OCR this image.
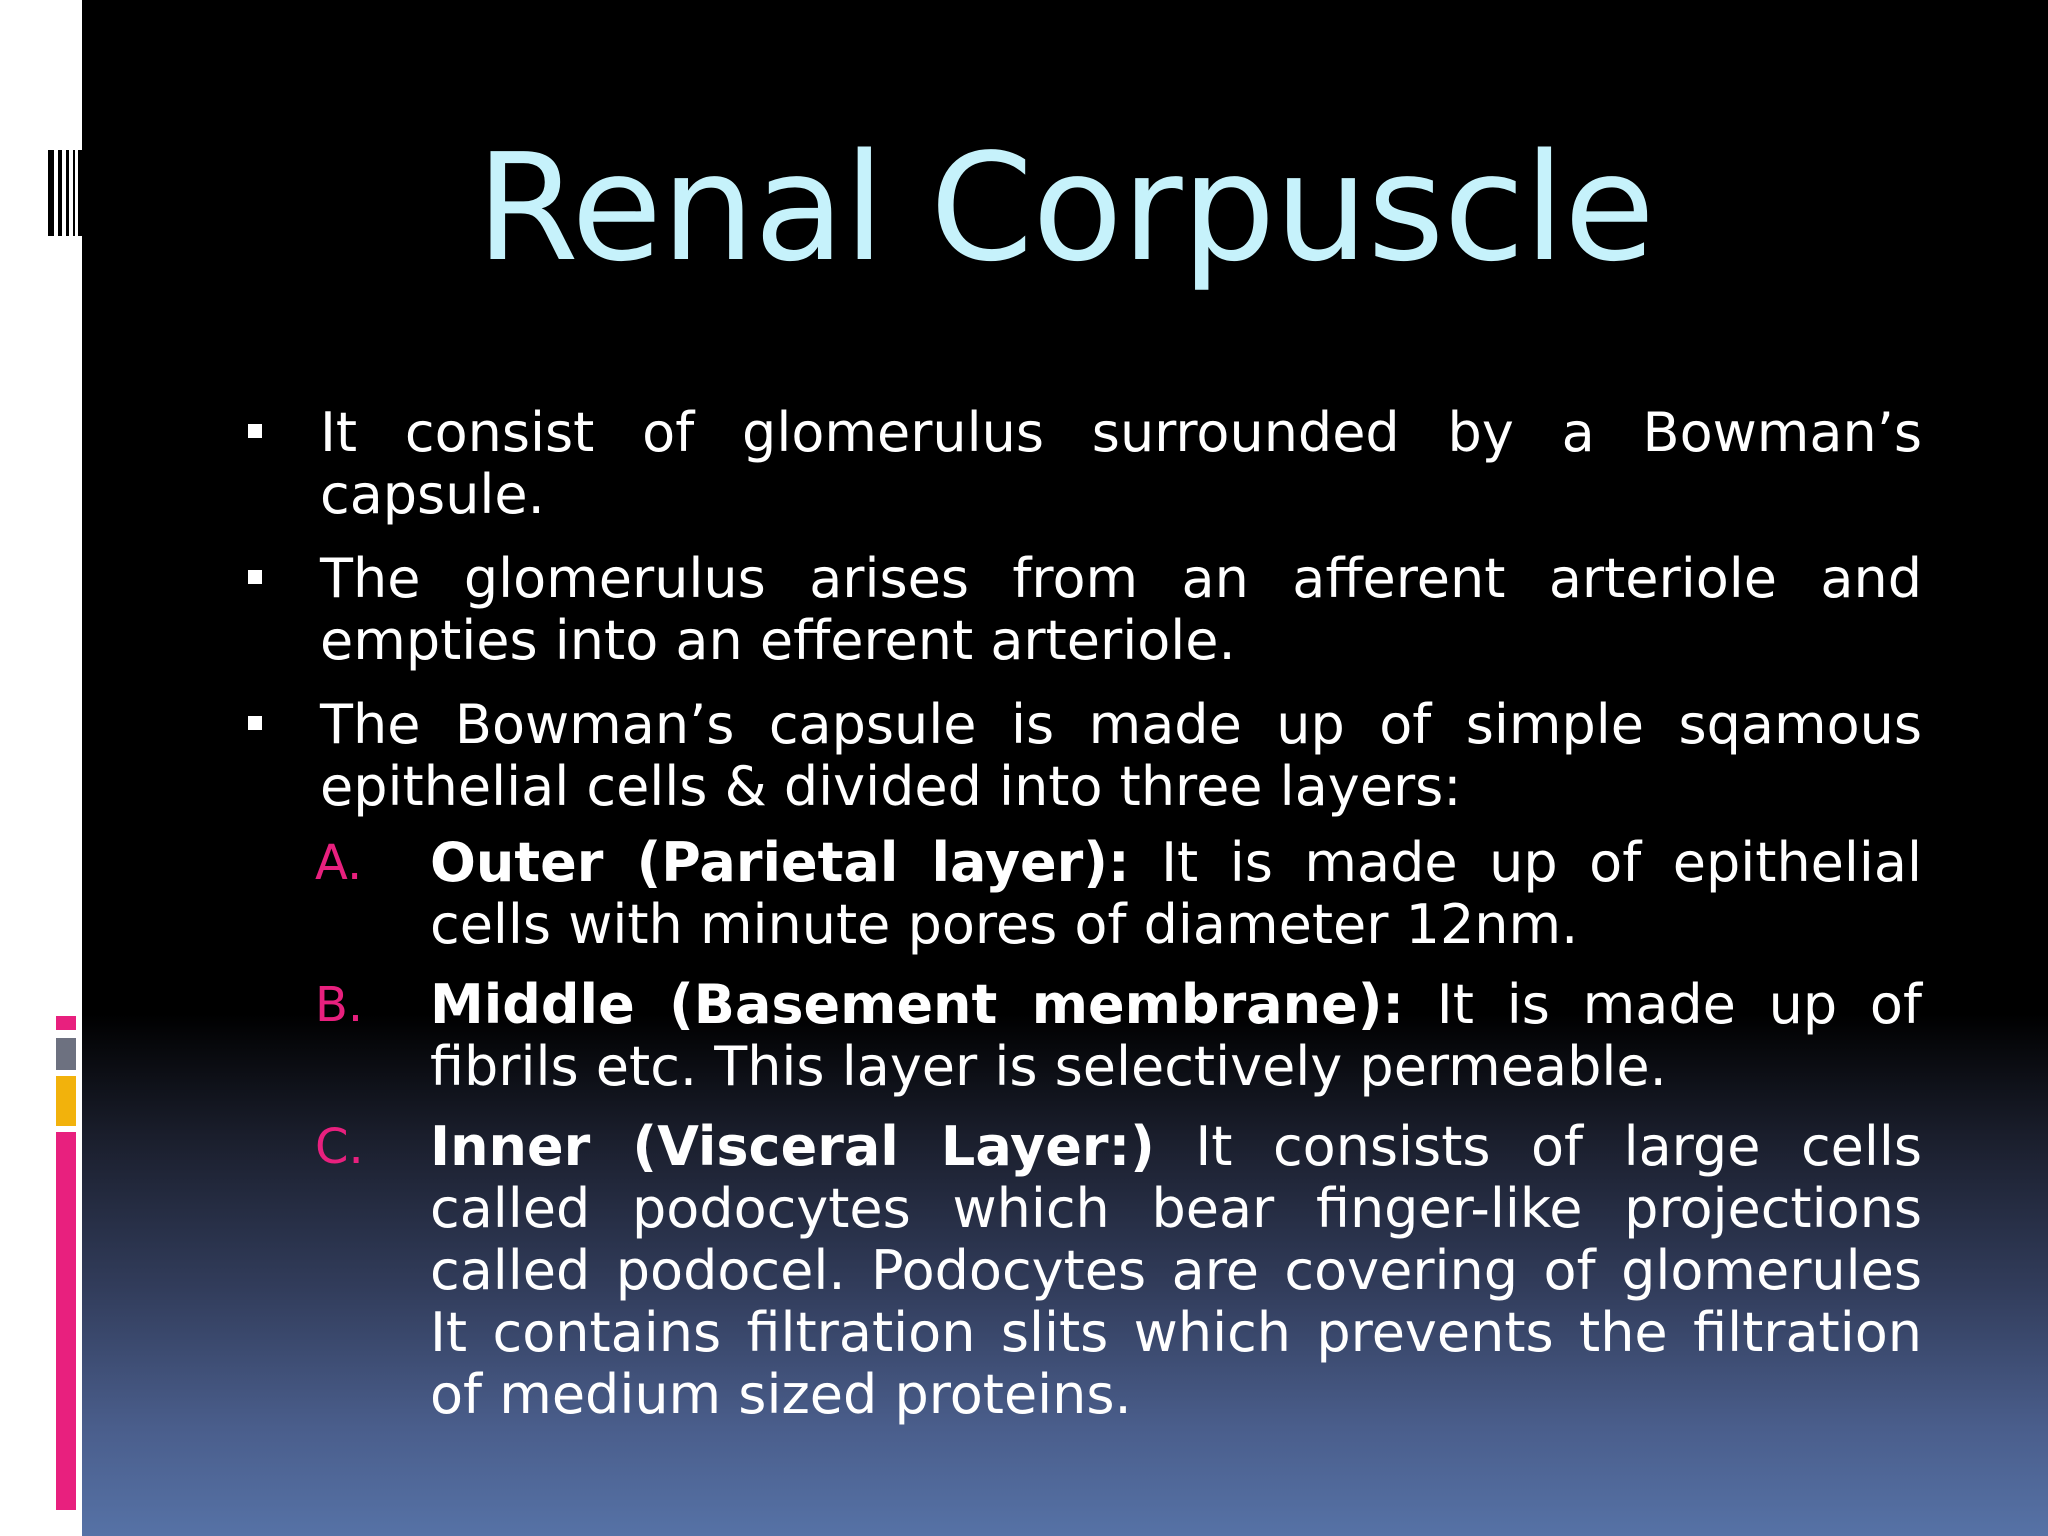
Renal Corpuscle
It consist of glomerulus surrounded by a Bowman’s capsule.
The glomerulus arises from an afferent arteriole and empties into an efferent arteriole.
The Bowman’s capsule is made up of simple sqamous epithelial cells & divided into three layers:
A. Outer (Parietal layer): It is made up of epithelial cells with minute pores of diameter 12nm.
B. Middle (Basement membrane): It is made up of fibrils etc. This layer is selectively permeable.
C. Inner (Visceral Layer:) It consists of large cells called podocytes which bear finger-like projections called podocel. Podocytes are covering of glomerules It contains filtration slits which prevents the filtration of medium sized proteins.
